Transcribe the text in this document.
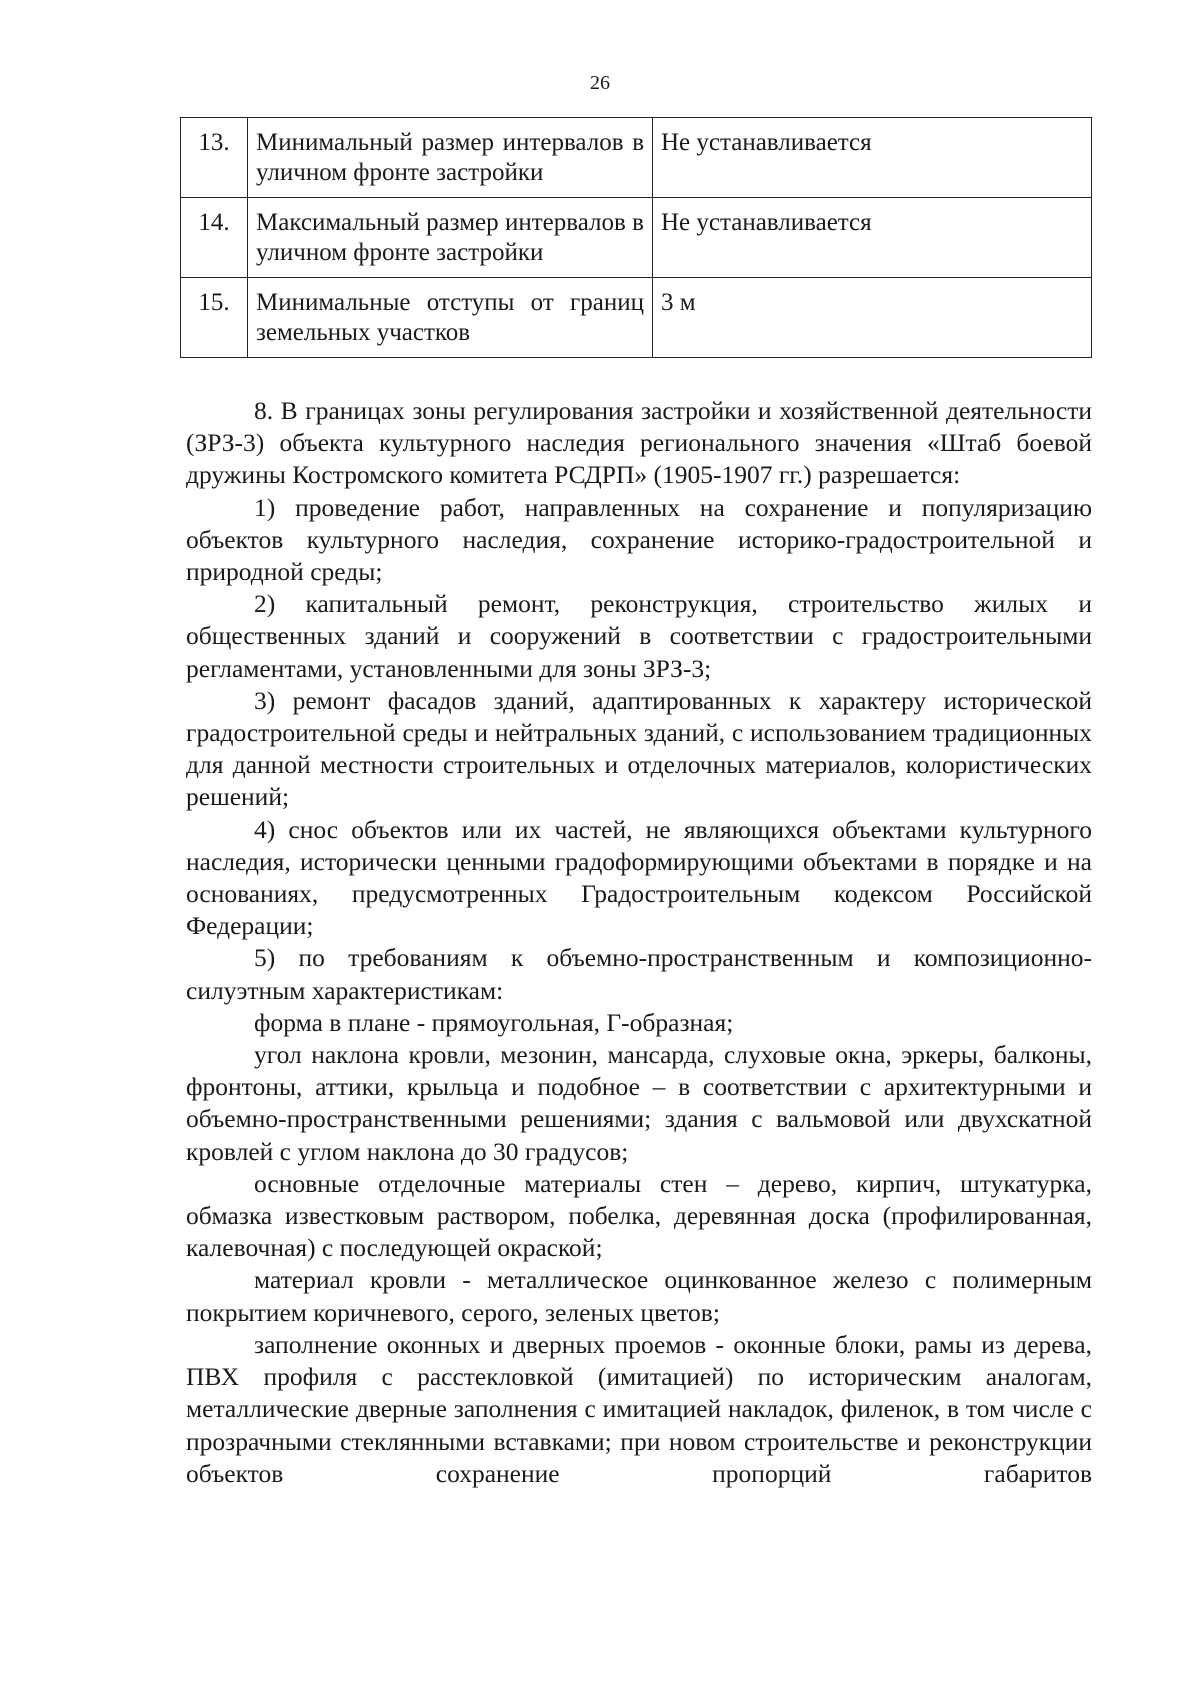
26
13.	Минимальный размер интервалов в уличном фронте застройки	Не устанавливается
14.	Максимальный размер интервалов в уличном фронте застройки	Не устанавливается
15.	Минимальные отступы от границ земельных участков	3 м

8. В границах зоны регулирования застройки и хозяйственной деятельности (ЗРЗ-3) объекта культурного наследия регионального значения «Штаб боевой дружины Костромского комитета РСДРП» (1905-1907 гг.) разрешается:

1) проведение работ, направленных на сохранение и популяризацию объектов культурного наследия, сохранение историко-градостроительной и природной среды;

2) капитальный ремонт, реконструкция, строительство жилых и общественных зданий и сооружений в соответствии с градостроительными регламентами, установленными для зоны ЗРЗ-3;

3) ремонт фасадов зданий, адаптированных к характеру исторической градостроительной среды и нейтральных зданий, с использованием традиционных для данной местности строительных и отделочных материалов, колористических решений;

4) снос объектов или их частей, не являющихся объектами культурного наследия, исторически ценными градоформирующими объектами в порядке и на основаниях, предусмотренных Градостроительным кодексом Российской Федерации;

5) по требованиям к объемно-пространственным и композиционно-силуэтным характеристикам:

форма в плане - прямоугольная, Г-образная;

угол наклона кровли, мезонин, мансарда, слуховые окна, эркеры, балконы, фронтоны, аттики, крыльца и подобное – в соответствии с архитектурными и объемно-пространственными решениями; здания с вальмовой или двухскатной кровлей с углом наклона до 30 градусов;

основные отделочные материалы стен – дерево, кирпич, штукатурка, обмазка известковым раствором, побелка, деревянная доска (профилированная, калевочная) с последующей окраской;

материал кровли - металлическое оцинкованное железо с полимерным покрытием коричневого, серого, зеленых цветов;

заполнение оконных и дверных проемов - оконные блоки, рамы из дерева, ПВХ профиля с расстекловкой (имитацией) по историческим аналогам, металлические дверные заполнения с имитацией накладок, филенок, в том числе с прозрачными стеклянными вставками; при новом строительстве и реконструкции объектов сохранение пропорций габаритов
